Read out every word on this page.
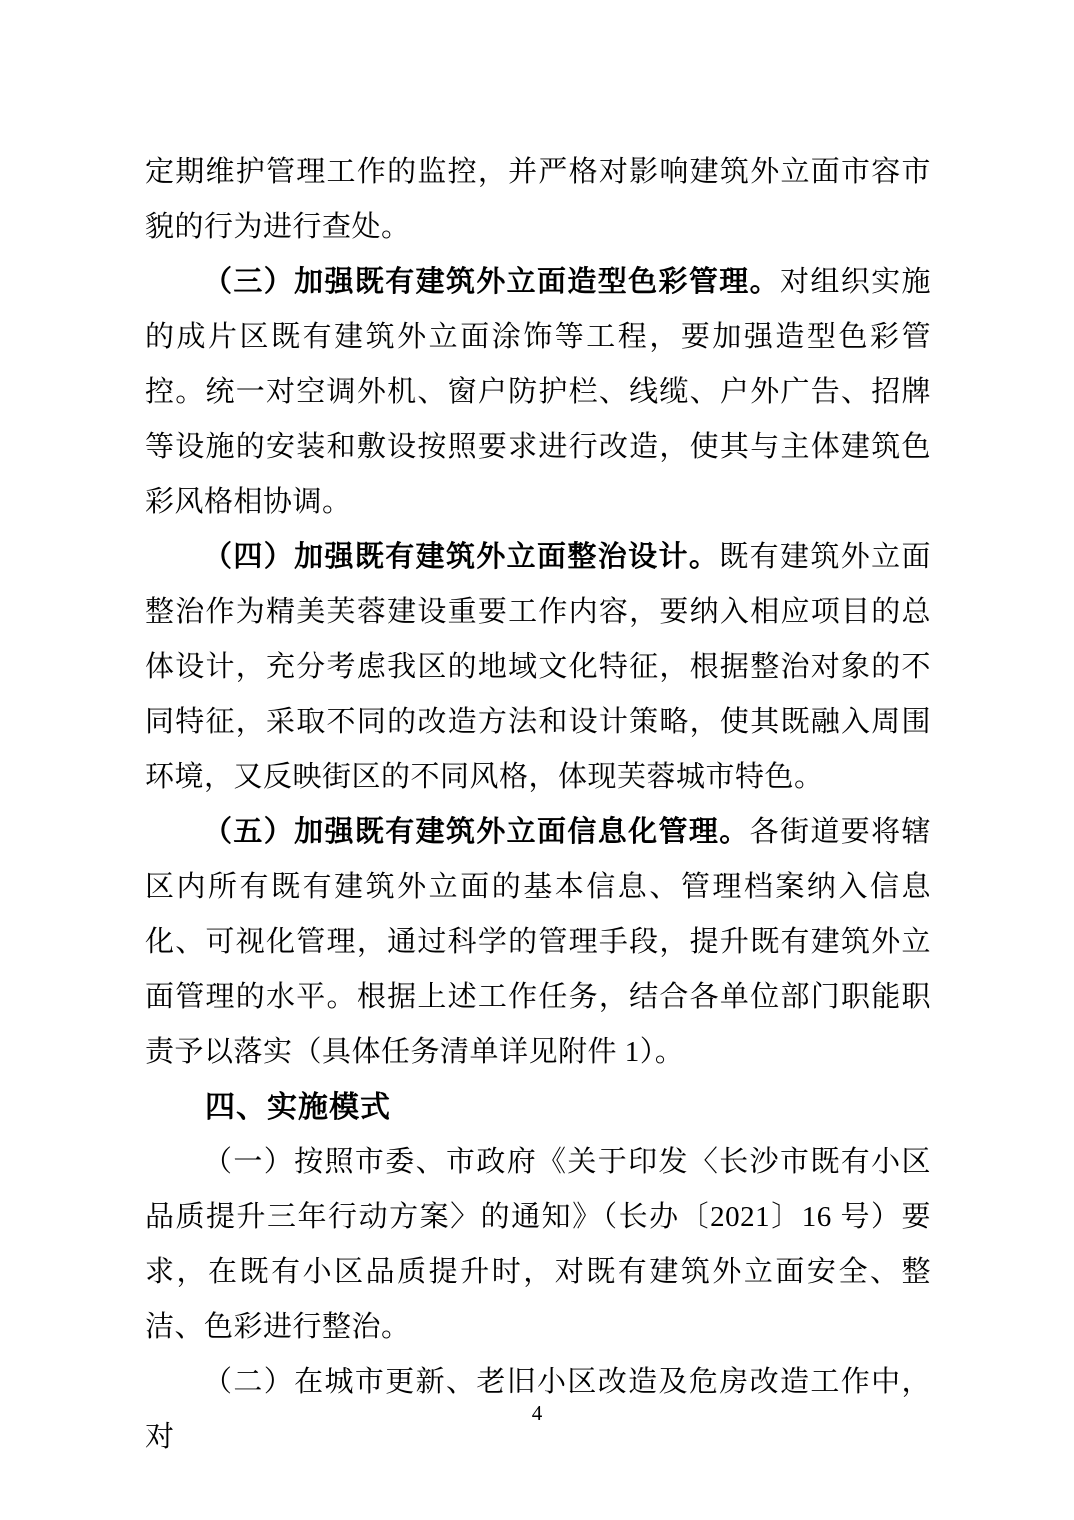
定期维护管理工作的监控，并严格对影响建筑外立面市容市貌的行为进行查处。

（三）加强既有建筑外立面造型色彩管理。对组织实施的成片区既有建筑外立面涂饰等工程，要加强造型色彩管控。统一对空调外机、窗户防护栏、线缆、户外广告、招牌等设施的安装和敷设按照要求进行改造，使其与主体建筑色彩风格相协调。

（四）加强既有建筑外立面整治设计。既有建筑外立面整治作为精美芙蓉建设重要工作内容，要纳入相应项目的总体设计，充分考虑我区的地域文化特征，根据整治对象的不同特征，采取不同的改造方法和设计策略，使其既融入周围环境，又反映街区的不同风格，体现芙蓉城市特色。

（五）加强既有建筑外立面信息化管理。各街道要将辖区内所有既有建筑外立面的基本信息、管理档案纳入信息化、可视化管理，通过科学的管理手段，提升既有建筑外立面管理的水平。根据上述工作任务，结合各单位部门职能职责予以落实（具体任务清单详见附件 1）。

四、实施模式

（一）按照市委、市政府《关于印发〈长沙市既有小区品质提升三年行动方案〉的通知》（长办〔2021〕16 号）要求，在既有小区品质提升时，对既有建筑外立面安全、整洁、色彩进行整治。

（二）在城市更新、老旧小区改造及危房改造工作中，对

4
